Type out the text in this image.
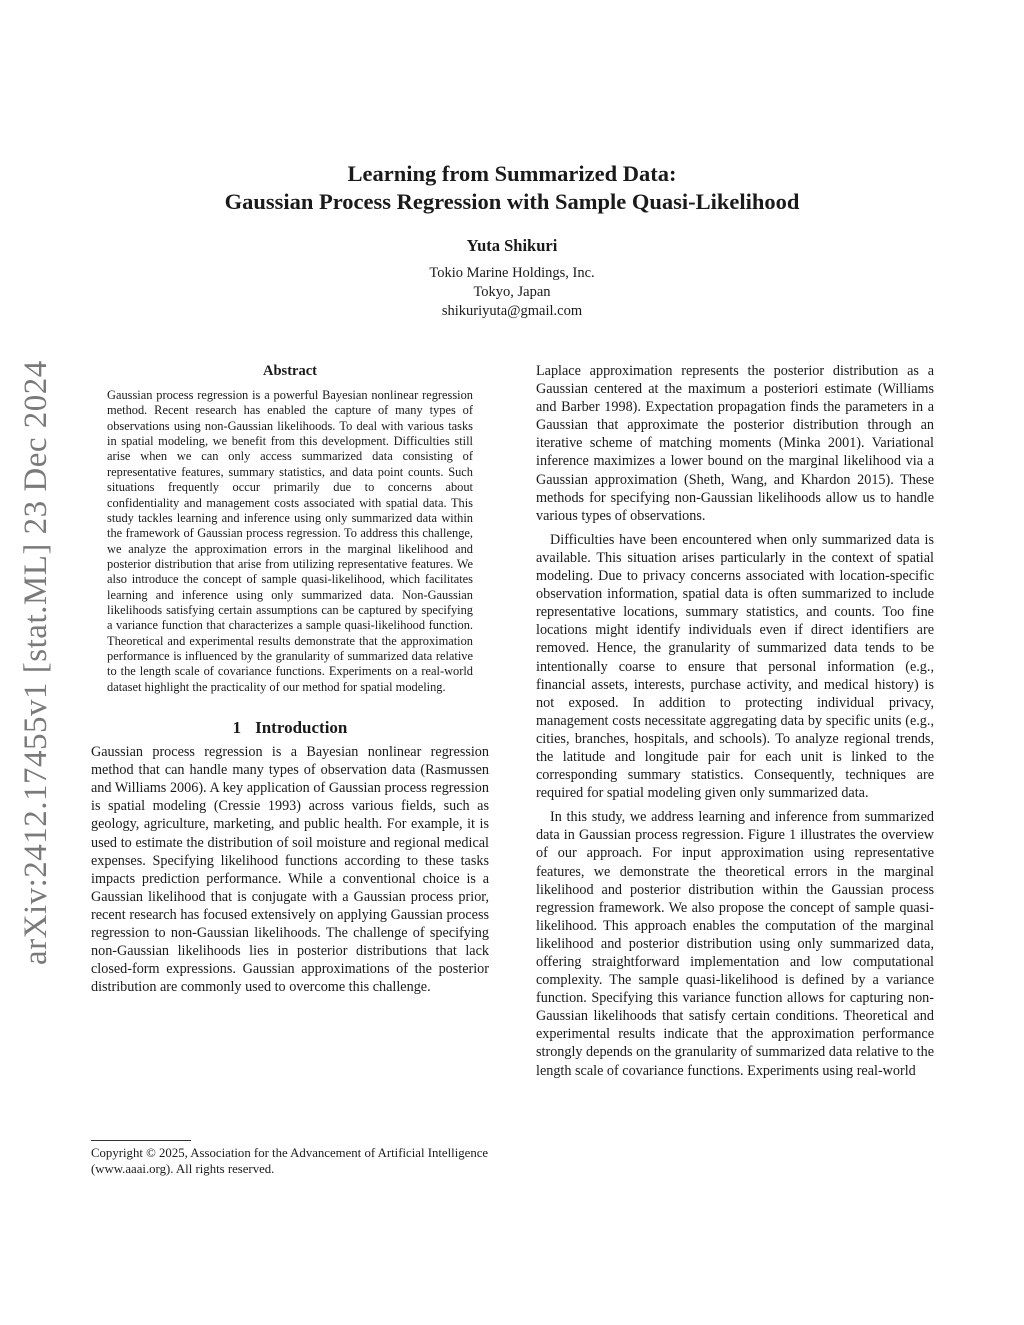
arXiv:2412.17455v1 [stat.ML] 23 Dec 2024
Learning from Summarized Data:
Gaussian Process Regression with Sample Quasi-Likelihood
Yuta Shikuri
Tokio Marine Holdings, Inc.
Tokyo, Japan
shikuriyuta@gmail.com
Abstract

Gaussian process regression is a powerful Bayesian nonlinear regression method. Recent research has enabled the capture of many types of observations using non-Gaussian likelihoods. To deal with various tasks in spatial modeling, we benefit from this development. Difficulties still arise when we can only access summarized data consisting of representative features, summary statistics, and data point counts. Such situations frequently occur primarily due to concerns about confidentiality and management costs associated with spatial data. This study tackles learning and inference using only summarized data within the framework of Gaussian process regression. To address this challenge, we analyze the approximation errors in the marginal likelihood and posterior distribution that arise from utilizing representative features. We also introduce the concept of sample quasi-likelihood, which facilitates learning and inference using only summarized data. Non-Gaussian likelihoods satisfying certain assumptions can be captured by specifying a variance function that characterizes a sample quasi-likelihood function. Theoretical and experimental results demonstrate that the approximation performance is influenced by the granularity of summarized data relative to the length scale of covariance functions. Experiments on a real-world dataset highlight the practicality of our method for spatial modeling.

1 Introduction

Gaussian process regression is a Bayesian nonlinear regression method that can handle many types of observation data (Rasmussen and Williams 2006). A key application of Gaussian process regression is spatial modeling (Cressie 1993) across various fields, such as geology, agriculture, marketing, and public health. For example, it is used to estimate the distribution of soil moisture and regional medical expenses. Specifying likelihood functions according to these tasks impacts prediction performance. While a conventional choice is a Gaussian likelihood that is conjugate with a Gaussian process prior, recent research has focused extensively on applying Gaussian process regression to non-Gaussian likelihoods. The challenge of specifying non-Gaussian likelihoods lies in posterior distributions that lack closed-form expressions. Gaussian approximations of the posterior distribution are commonly used to overcome this challenge.

Copyright © 2025, Association for the Advancement of Artificial Intelligence (www.aaai.org). All rights reserved.

Laplace approximation represents the posterior distribution as a Gaussian centered at the maximum a posteriori estimate (Williams and Barber 1998). Expectation propagation finds the parameters in a Gaussian that approximate the posterior distribution through an iterative scheme of matching moments (Minka 2001). Variational inference maximizes a lower bound on the marginal likelihood via a Gaussian approximation (Sheth, Wang, and Khardon 2015). These methods for specifying non-Gaussian likelihoods allow us to handle various types of observations.

Difficulties have been encountered when only summarized data is available. This situation arises particularly in the context of spatial modeling. Due to privacy concerns associated with location-specific observation information, spatial data is often summarized to include representative locations, summary statistics, and counts. Too fine locations might identify individuals even if direct identifiers are removed. Hence, the granularity of summarized data tends to be intentionally coarse to ensure that personal information (e.g., financial assets, interests, purchase activity, and medical history) is not exposed. In addition to protecting individual privacy, management costs necessitate aggregating data by specific units (e.g., cities, branches, hospitals, and schools). To analyze regional trends, the latitude and longitude pair for each unit is linked to the corresponding summary statistics. Consequently, techniques are required for spatial modeling given only summarized data.

In this study, we address learning and inference from summarized data in Gaussian process regression. Figure 1 illustrates the overview of our approach. For input approximation using representative features, we demonstrate the theoretical errors in the marginal likelihood and posterior distribution within the Gaussian process regression framework. We also propose the concept of sample quasi-likelihood. This approach enables the computation of the marginal likelihood and posterior distribution using only summarized data, offering straightforward implementation and low computational complexity. The sample quasi-likelihood is defined by a variance function. Specifying this variance function allows for capturing non-Gaussian likelihoods that satisfy certain conditions. Theoretical and experimental results indicate that the approximation performance strongly depends on the granularity of summarized data relative to the length scale of covariance functions. Experiments using real-world
